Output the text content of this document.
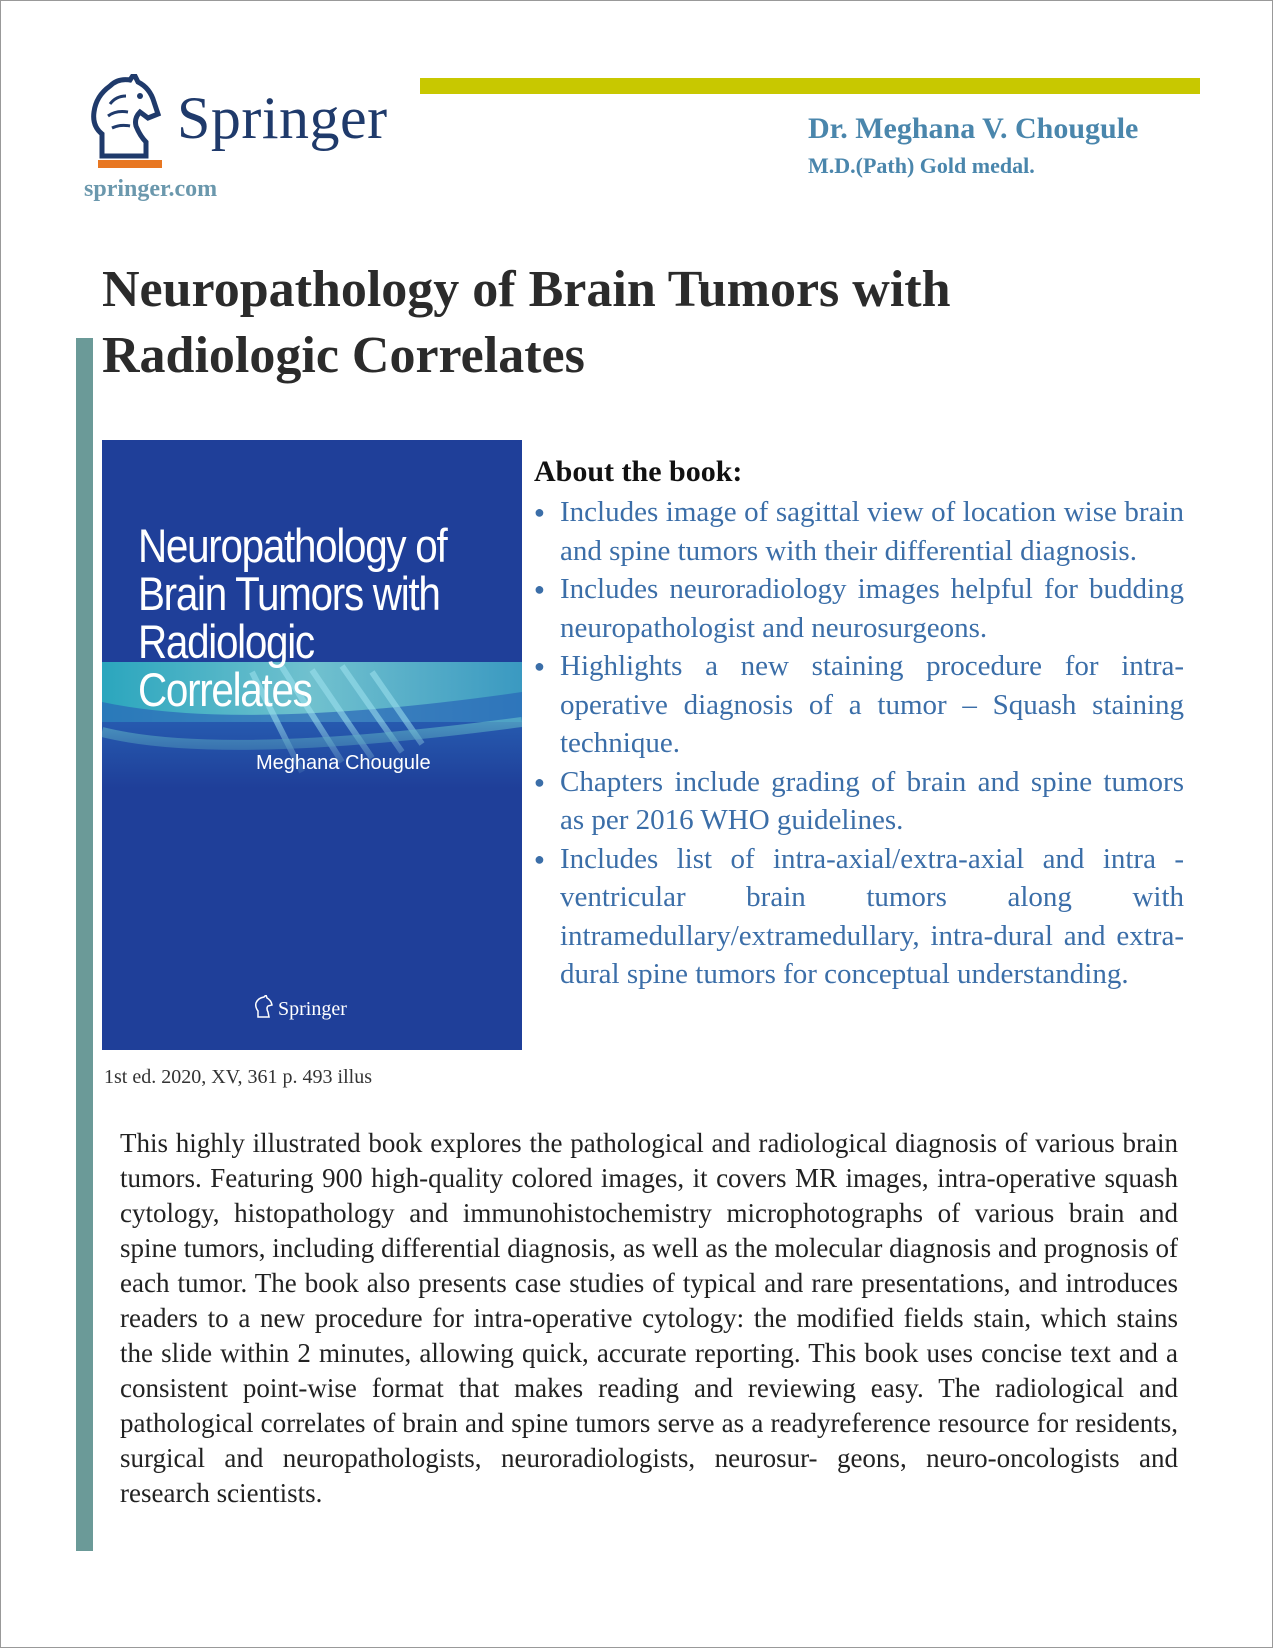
Springer
springer.com
Dr. Meghana V. Chougule
M.D.(Path) Gold medal.
Neuropathology of Brain Tumors with Radiologic Correlates
Neuropathology of
Brain Tumors with
Radiologic Correlates
Meghana Chougule
Springer
1st ed. 2020, XV, 361 p. 493 illus
About the book:
● Includes image of sagittal view of location wise brain and spine tumors with their differential diagnosis.
● Includes neuroradiology images helpful for budding neuropathologist and neurosurgeons.
● Highlights a new staining procedure for intra-operative diagnosis of a tumor – Squash staining technique.
● Chapters include grading of brain and spine tumors as per 2016 WHO guidelines.
● Includes list of intra-axial/extra-axial and intra -ventricular brain tumors along with intramedullary/extramedullary, intra-dural and extra-dural spine tumors for conceptual understanding.

This highly illustrated book explores the pathological and radiological diagnosis of various brain tumors. Featuring 900 high-quality colored images, it covers MR images, intra-operative squash cytology, histopathology and immunohistochemistry microphotographs of various brain and spine tumors, including differential diagnosis, as well as the molecular diagnosis and prognosis of each tumor. The book also presents case studies of typical and rare presentations, and introduces readers to a new procedure for intra-operative cytology: the modified fields stain, which stains the slide within 2 minutes, allowing quick, accurate reporting. This book uses concise text and a consistent point-wise format that makes reading and reviewing easy. The radiological and pathological correlates of brain and spine tumors serve as a readyreference resource for residents, surgical and neuropathologists, neuroradiologists, neurosur- geons, neuro-oncologists and research scientists.
